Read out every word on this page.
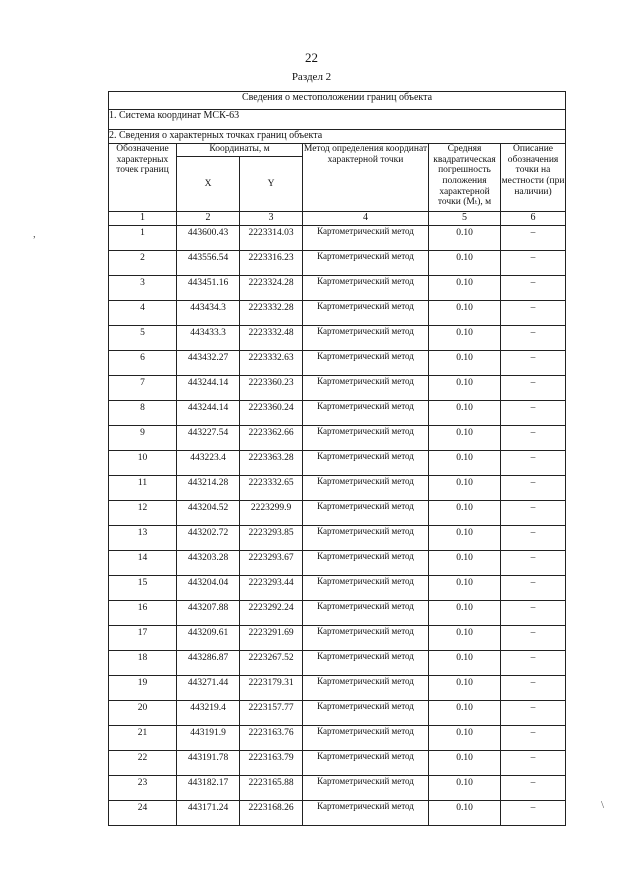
22
Раздел 2
,
\
Сведения о местоположении границ объекта					
1. Система координат МСК-63					
2. Сведения о характерных точках границ объекта					
Обозначение характерных точек границ	Координаты, м		Метод определения координат характерной точки	Средняя квадратическая погрешность положения характерной точки (Mₜ), м	Описание обозначения точки на местности (при наличии)
	X	Y			
1	2	3	4	5	6
1	443600.43	2223314.03	Картометрический метод	0.10	–
2	443556.54	2223316.23	Картометрический метод	0.10	–
3	443451.16	2223324.28	Картометрический метод	0.10	–
4	443434.3	2223332.28	Картометрический метод	0.10	–
5	443433.3	2223332.48	Картометрический метод	0.10	–
6	443432.27	2223332.63	Картометрический метод	0.10	–
7	443244.14	2223360.23	Картометрический метод	0.10	–
8	443244.14	2223360.24	Картометрический метод	0.10	–
9	443227.54	2223362.66	Картометрический метод	0.10	–
10	443223.4	2223363.28	Картометрический метод	0.10	–
11	443214.28	2223332.65	Картометрический метод	0.10	–
12	443204.52	2223299.9	Картометрический метод	0.10	–
13	443202.72	2223293.85	Картометрический метод	0.10	–
14	443203.28	2223293.67	Картометрический метод	0.10	–
15	443204.04	2223293.44	Картометрический метод	0.10	–
16	443207.88	2223292.24	Картометрический метод	0.10	–
17	443209.61	2223291.69	Картометрический метод	0.10	–
18	443286.87	2223267.52	Картометрический метод	0.10	–
19	443271.44	2223179.31	Картометрический метод	0.10	–
20	443219.4	2223157.77	Картометрический метод	0.10	–
21	443191.9	2223163.76	Картометрический метод	0.10	–
22	443191.78	2223163.79	Картометрический метод	0.10	–
23	443182.17	2223165.88	Картометрический метод	0.10	–
24	443171.24	2223168.26	Картометрический метод	0.10	–
